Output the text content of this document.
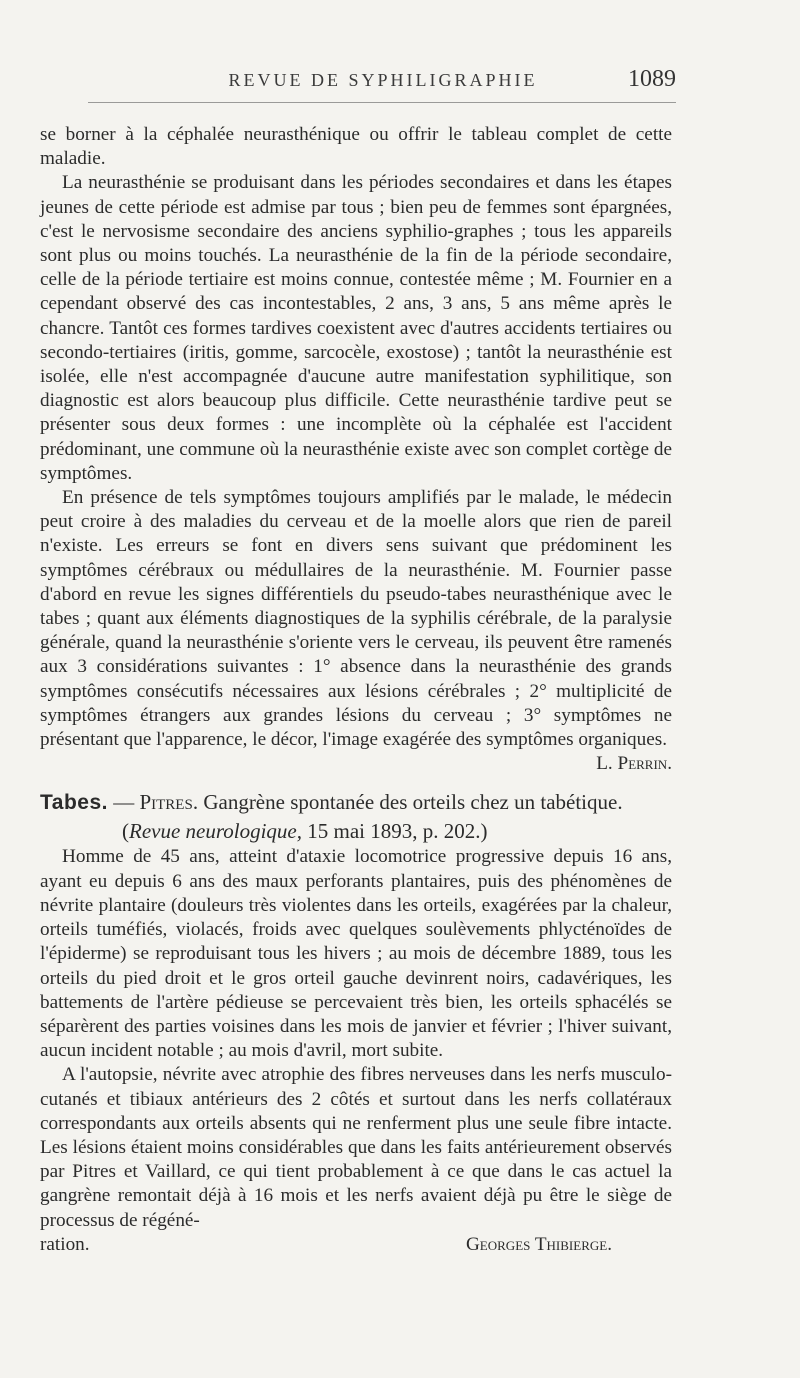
REVUE DE SYPHILIGRAPHIE	1089

se borner à la céphalée neurasthénique ou offrir le tableau complet de cette maladie.

La neurasthénie se produisant dans les périodes secondaires et dans les étapes jeunes de cette période est admise par tous ; bien peu de femmes sont épargnées, c'est le nervosisme secondaire des anciens syphilio-graphes ; tous les appareils sont plus ou moins touchés. La neurasthénie de la fin de la période secondaire, celle de la période tertiaire est moins connue, contestée même ; M. Fournier en a cependant observé des cas incontestables, 2 ans, 3 ans, 5 ans même après le chancre. Tantôt ces formes tardives coexistent avec d'autres accidents tertiaires ou secondo-tertiaires (iritis, gomme, sarcocèle, exostose) ; tantôt la neurasthénie est isolée, elle n'est accompagnée d'aucune autre manifestation syphilitique, son diagnostic est alors beaucoup plus difficile. Cette neurasthénie tardive peut se présenter sous deux formes : une incomplète où la céphalée est l'accident prédominant, une commune où la neurasthénie existe avec son complet cortège de symptômes.

En présence de tels symptômes toujours amplifiés par le malade, le médecin peut croire à des maladies du cerveau et de la moelle alors que rien de pareil n'existe. Les erreurs se font en divers sens suivant que prédominent les symptômes cérébraux ou médullaires de la neurasthénie. M. Fournier passe d'abord en revue les signes différentiels du pseudo-tabes neurasthénique avec le tabes ; quant aux éléments diagnostiques de la syphilis cérébrale, de la paralysie générale, quand la neurasthénie s'oriente vers le cerveau, ils peuvent être ramenés aux 3 considérations suivantes : 1° absence dans la neurasthénie des grands symptômes consécutifs nécessaires aux lésions cérébrales ; 2° multiplicité de symptômes étrangers aux grandes lésions du cerveau ; 3° symptômes ne présentant que l'apparence, le décor, l'image exagérée des symptômes organiques.

L. Perrin.

Tabes. — Pitres. Gangrène spontanée des orteils chez un tabétique.

(Revue neurologique, 15 mai 1893, p. 202.)

Homme de 45 ans, atteint d'ataxie locomotrice progressive depuis 16 ans, ayant eu depuis 6 ans des maux perforants plantaires, puis des phénomènes de névrite plantaire (douleurs très violentes dans les orteils, exagérées par la chaleur, orteils tuméfiés, violacés, froids avec quelques soulèvements phlycténoïdes de l'épiderme) se reproduisant tous les hivers ; au mois de décembre 1889, tous les orteils du pied droit et le gros orteil gauche devinrent noirs, cadavériques, les battements de l'artère pédieuse se percevaient très bien, les orteils sphacélés se séparèrent des parties voisines dans les mois de janvier et février ; l'hiver suivant, aucun incident notable ; au mois d'avril, mort subite.

A l'autopsie, névrite avec atrophie des fibres nerveuses dans les nerfs musculo-cutanés et tibiaux antérieurs des 2 côtés et surtout dans les nerfs collatéraux correspondants aux orteils absents qui ne renferment plus une seule fibre intacte. Les lésions étaient moins considérables que dans les faits antérieurement observés par Pitres et Vaillard, ce qui tient probablement à ce que dans le cas actuel la gangrène remontait déjà à 16 mois et les nerfs avaient déjà pu être le siège de processus de régéné-

ration.	Georges Thibierge.
